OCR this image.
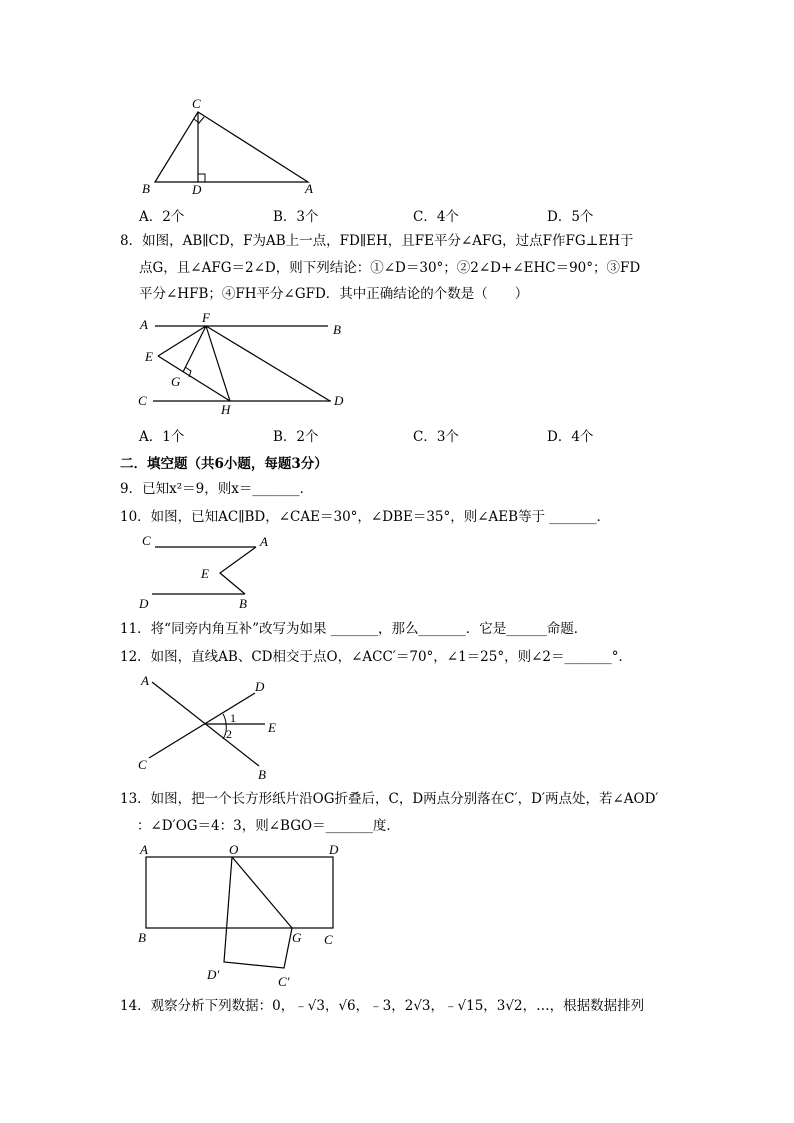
C
B	D	A
A．2个	B．3个	C．4个	D．5个
8．如图，AB∥CD，F为AB上一点，FD∥EH，且FE平分∠AFG，过点F作FG⊥EH于
点G，且∠AFG＝2∠D，则下列结论：①∠D＝30°；②2∠D+∠EHC＝90°；③FD
平分∠HFB；④FH平分∠GFD．其中正确结论的个数是（　　）
A	F
B
E
G
C
H
D
A．1个	B．2个	C．3个	D．4个
二．填空题（共6小题，每题3分）
9．已知x²＝9，则x＝_______．
10．如图，已知AC∥BD，∠CAE＝30°，∠DBE＝35°，则∠AEB等于 _______．
C	A
E
D	B
11．将“同旁内角互补”改写为如果 _______，那么_______．它是______命题．
12．如图，直线AB、CD相交于点O，∠ACC′＝70°，∠1＝25°，则∠2＝_______°．
A	D
1
2	E
C
B
13．如图，把一个长方形纸片沿OG折叠后，C，D两点分别落在C′，D′两点处，若∠AOD′
：∠D′OG＝4：3，则∠BGO＝_______度．
A	O	D
B	G C
D′	C′
14．观察分析下列数据：0，﹣√3，√6，﹣3，2√3，﹣√15，3√2，…，根据数据排列
